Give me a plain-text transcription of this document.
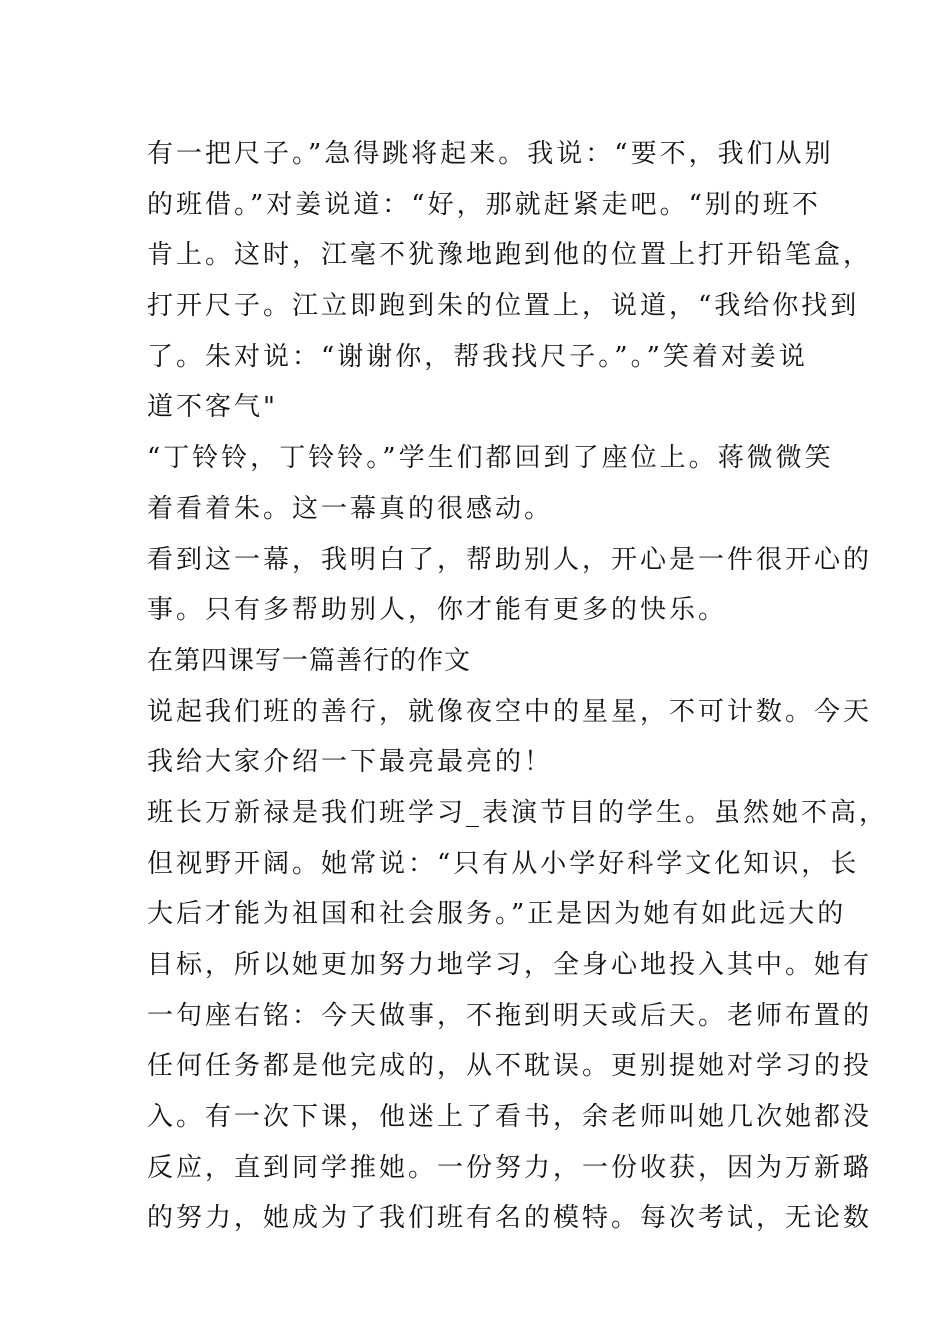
有一把尺子。”急得跳将起来。我说：“要不，我们从别
的班借。”对姜说道：“好，那就赶紧走吧。“别的班不
肯上。这时，江毫不犹豫地跑到他的位置上打开铅笔盒，
打开尺子。江立即跑到朱的位置上，说道，“我给你找到
了。朱对说：“谢谢你，帮我找尺子。”。”笑着对姜说
道不客气"
“丁铃铃，丁铃铃。”学生们都回到了座位上。蒋微微笑
着看着朱。这一幕真的很感动。
看到这一幕，我明白了，帮助别人，开心是一件很开心的
事。只有多帮助别人，你才能有更多的快乐。
在第四课写一篇善行的作文
说起我们班的善行，就像夜空中的星星，不可计数。今天
我给大家介绍一下最亮最亮的！
班长万新禄是我们班学习_表演节目的学生。虽然她不高，
但视野开阔。她常说：“只有从小学好科学文化知识，长
大后才能为祖国和社会服务。”正是因为她有如此远大的
目标，所以她更加努力地学习，全身心地投入其中。她有
一句座右铭：今天做事，不拖到明天或后天。老师布置的
任何任务都是他完成的，从不耽误。更别提她对学习的投
入。有一次下课，他迷上了看书，余老师叫她几次她都没
反应，直到同学推她。一份努力，一份收获，因为万新璐
的努力，她成为了我们班有名的模特。每次考试，无论数
